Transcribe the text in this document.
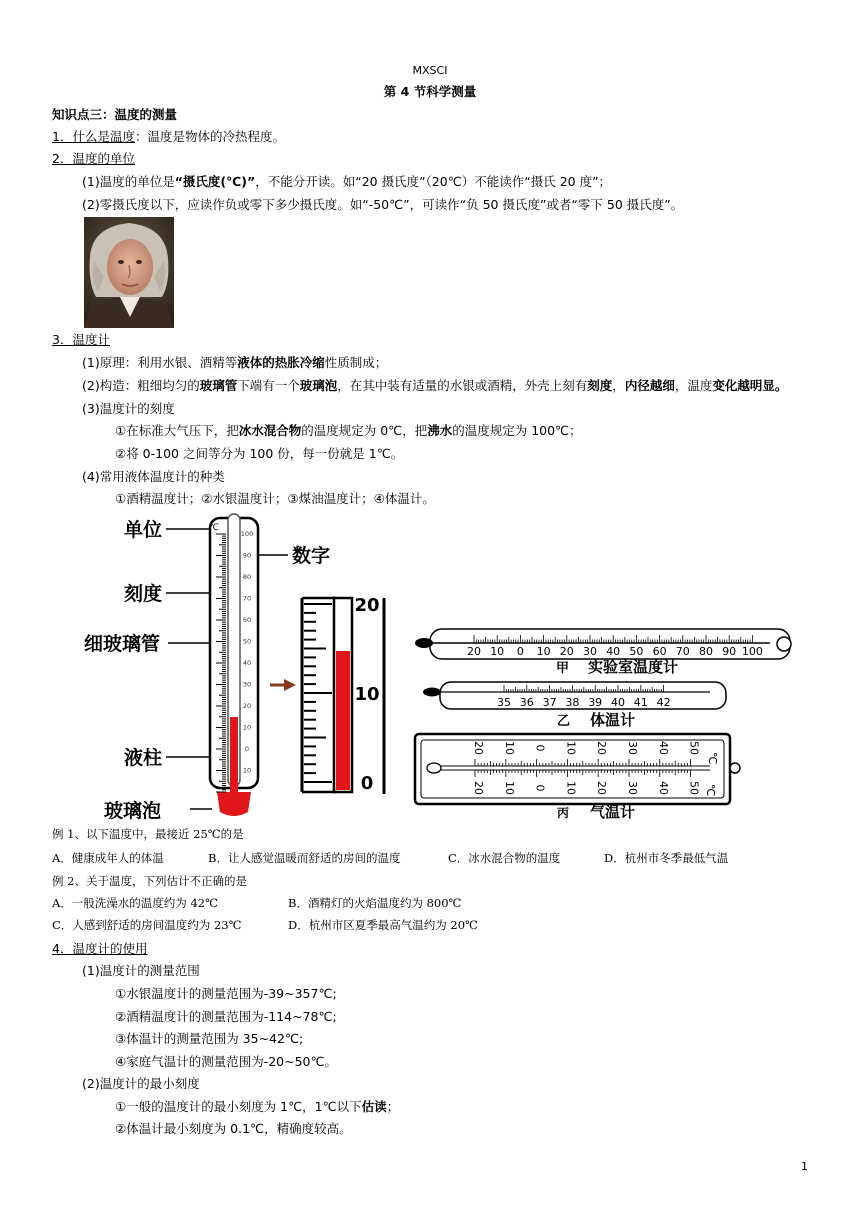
MXSCI
第 4 节科学测量
知识点三：温度的测量
1．什么是温度：温度是物体的冷热程度。
2．温度的单位
(1)温度的单位是“摄氏度(℃)”，不能分开读。如“20 摄氏度”（20℃）不能读作“摄氏 20 度”；
(2)零摄氏度以下，应读作负或零下多少摄氏度。如“-50℃”，可读作“负 50 摄氏度”或者“零下 50 摄氏度”。
3．温度计
(1)原理：利用水银、酒精等液体的热胀冷缩性质制成；
(2)构造：粗细均匀的玻璃管下端有一个玻璃泡，在其中装有适量的水银或酒精，外壳上刻有刻度，内径越细，温度变化越明显。
(3)温度计的刻度
①在标准大气压下，把冰水混合物的温度规定为 0℃，把沸水的温度规定为 100℃；
②将 0-100 之间等分为 100 份，每一份就是 1℃。
(4)常用液体温度计的种类
①酒精温度计；②水银温度计；③煤油温度计；④体温计。
单位
刻度
细玻璃管
液柱
玻璃泡
数字
100
90
80
70
60
50
40
30
20
10
0
10
℃
20
10
0
20 10 0 10 20 30 40 50 60 70 80 90 100
甲 实验室温度计
35 36 37 38 39 40 41 42
乙 体温计
20
20
10
10
0
0
10
10
20
20
30
30
40
40
50
50
℃
℃
丙 气温计
例 1、以下温度中，最接近 25℃的是
A．健康成年人的体温	B．让人感觉温暖而舒适的房间的温度	C．冰水混合物的温度	D．杭州市冬季最低气温
例 2、关于温度，下列估计不正确的是
A．一般洗澡水的温度约为 42℃	B．酒精灯的火焰温度约为 800℃
C．人感到舒适的房间温度约为 23℃	D．杭州市区夏季最高气温约为 20℃
4．温度计的使用
(1)温度计的测量范围
①水银温度计的测量范围为-39~357℃;
②酒精温度计的测量范围为-114~78℃;
③体温计的测量范围为 35~42℃;
④家庭气温计的测量范围为-20~50℃。
(2)温度计的最小刻度
①一般的温度计的最小刻度为 1℃，1℃以下估读；
②体温计最小刻度为 0.1℃，精确度较高。
1
